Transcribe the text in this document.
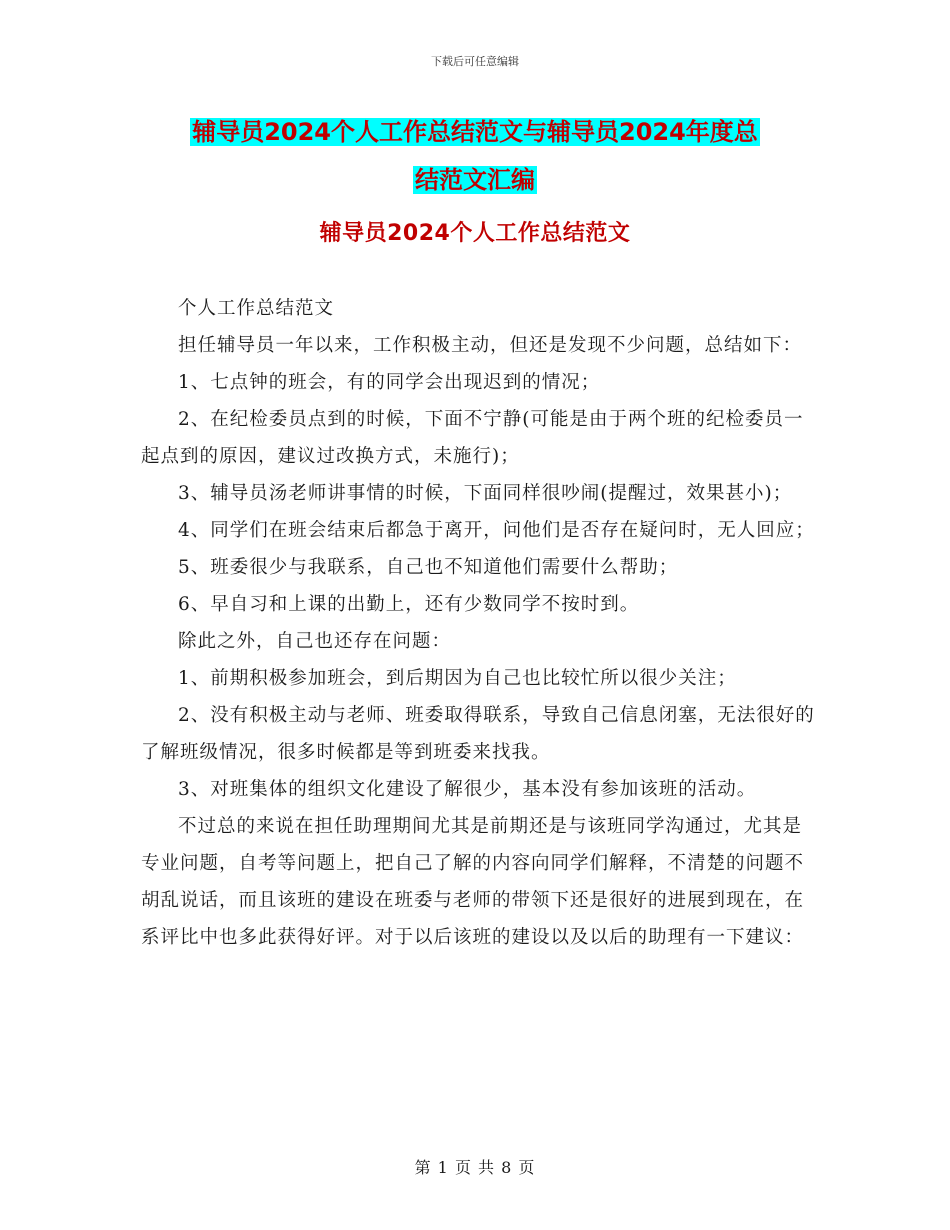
下载后可任意编辑
辅导员2024个人工作总结范文与辅导员2024年度总
结范文汇编
辅导员2024个人工作总结范文

个人工作总结范文

担任辅导员一年以来，工作积极主动，但还是发现不少问题，总结如下：

1、七点钟的班会，有的同学会出现迟到的情况；

2、在纪检委员点到的时候，下面不宁静(可能是由于两个班的纪检委员一起点到的原因，建议过改换方式，未施行)；

3、辅导员汤老师讲事情的时候，下面同样很吵闹(提醒过，效果甚小)；

4、同学们在班会结束后都急于离开，问他们是否存在疑问时，无人回应；

5、班委很少与我联系，自己也不知道他们需要什么帮助；

6、早自习和上课的出勤上，还有少数同学不按时到。

除此之外，自己也还存在问题：

1、前期积极参加班会，到后期因为自己也比较忙所以很少关注；

2、没有积极主动与老师、班委取得联系，导致自己信息闭塞，无法很好的了解班级情况，很多时候都是等到班委来找我。

3、对班集体的组织文化建设了解很少，基本没有参加该班的活动。

不过总的来说在担任助理期间尤其是前期还是与该班同学沟通过，尤其是专业问题，自考等问题上，把自己了解的内容向同学们解释，不清楚的问题不胡乱说话，而且该班的建设在班委与老师的带领下还是很好的进展到现在，在系评比中也多此获得好评。对于以后该班的建设以及以后的助理有一下建议：

第 1 页 共 8 页
